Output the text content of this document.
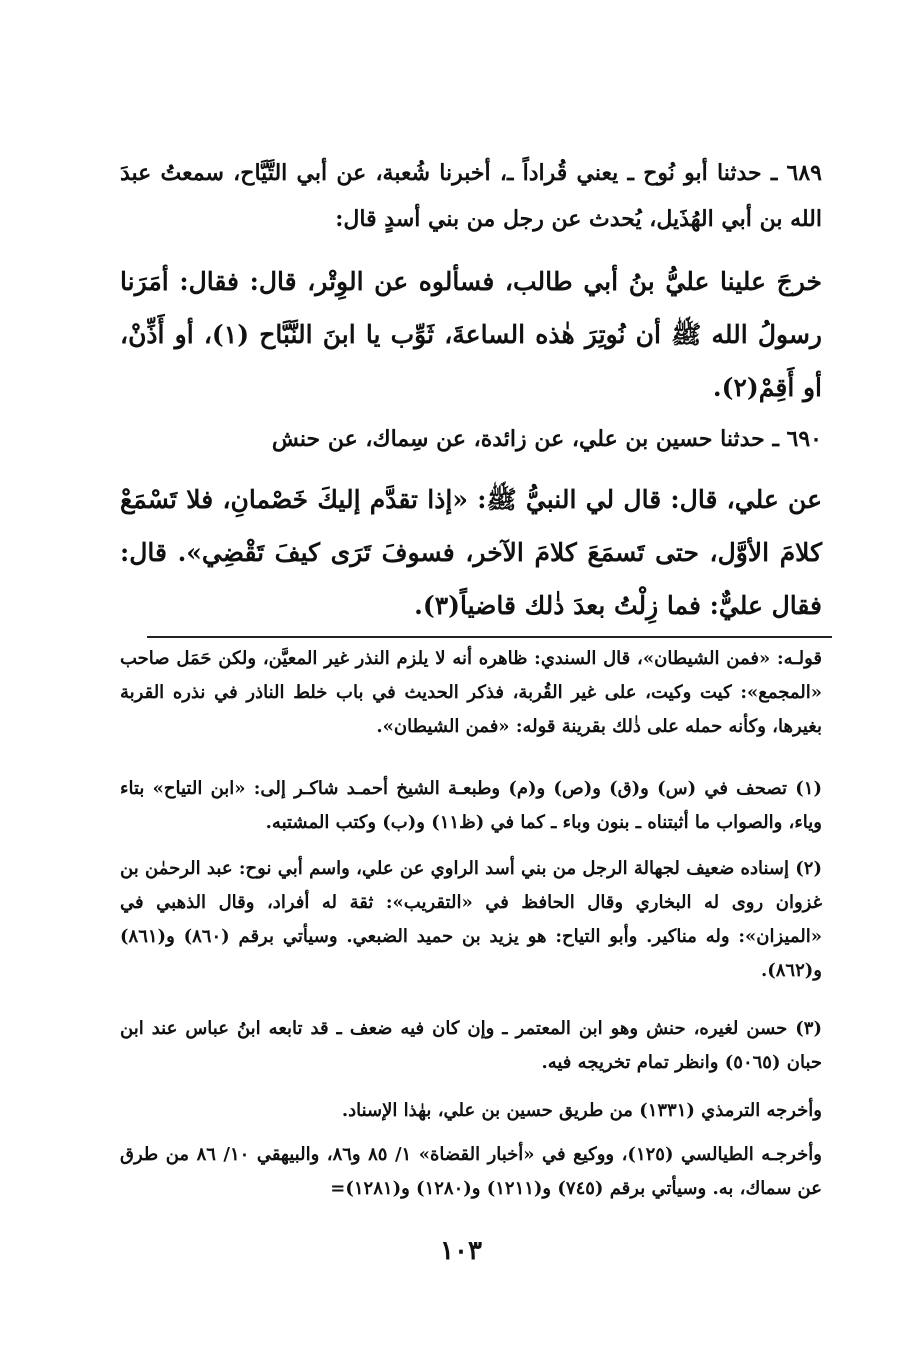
٦٨٩ ـ حدثنا أبو نُوح ـ يعني قُراداً ـ، أخبرنا شُعبة، عن أبي التَّيَّاح، سمعتُ عبدَ الله بن أبي الهُذَيل، يُحدث عن رجل من بني أسدٍ قال:

خرجَ علينا عليُّ بنُ أبي طالب، فسألوه عن الوِتْر، قال: فقال: أمَرَنا رسولُ الله ﷺ أن نُوتِرَ هٰذه الساعةَ، ثَوِّب يا ابنَ النَّبَّاح (١)، أو أَذِّنْ، أو أَقِمْ(٢).

٦٩٠ ـ حدثنا حسين بن علي، عن زائدة، عن سِماك، عن حنش

عن علي، قال: قال لي النبيُّ ﷺ: «إذا تقدَّم إليكَ خَصْمانِ، فلا تَسْمَعْ كلامَ الأوَّل، حتى تَسمَعَ كلامَ الآخر، فسوفَ تَرَى كيفَ تَقْضِي». قال: فقال عليٌّ: فما زِلْتُ بعدَ ذٰلك قاضياً(٣).

قولـه: «فمن الشيطان»، قال السندي: ظاهره أنه لا يلزم النذر غير المعيَّن، ولكن حَمَل صاحب «المجمع»: كيت وكيت، على غير القُربة، فذكر الحديث في باب خلط الناذر في نذره القربة بغيرها، وكأنه حمله على ذٰلك بقرينة قوله: «فمن الشيطان».

(١) تصحف في (س) و(ق) و(ص) و(م) وطبعـة الشيخ أحمـد شاكـر إلى: «ابن التياح» بتاء وياء، والصواب ما أثبتناه ـ بنون وباء ـ كما في (ظ١١) و(ب) وكتب المشتبه.

(٢) إسناده ضعيف لجهالة الرجل من بني أسد الراوي عن علي، واسم أبي نوح: عبد الرحمٰن بن غزوان روى له البخاري وقال الحافظ في «التقريب»: ثقة له أفراد، وقال الذهبي في «الميزان»: وله مناكير. وأبو التياح: هو يزيد بن حميد الضبعي. وسيأتي برقم (٨٦٠) و(٨٦١) و(٨٦٢).

(٣) حسن لغيره، حنش وهو ابن المعتمر ـ وإن كان فيه ضعف ـ قد تابعه ابنُ عباس عند ابن حبان (٥٠٦٥) وانظر تمام تخريجه فيه.

وأخرجه الترمذي (١٣٣١) من طريق حسين بن علي، بهٰذا الإسناد.

وأخرجـه الطيالسي (١٢٥)، ووكيع في «أخبار القضاة» ١/ ٨٥ و٨٦، والبيهقي ١٠/ ٨٦ من طرق عن سماك، به. وسيأتي برقم (٧٤٥) و(١٢١١) و(١٢٨٠) و(١٢٨١)=

١٠٣
